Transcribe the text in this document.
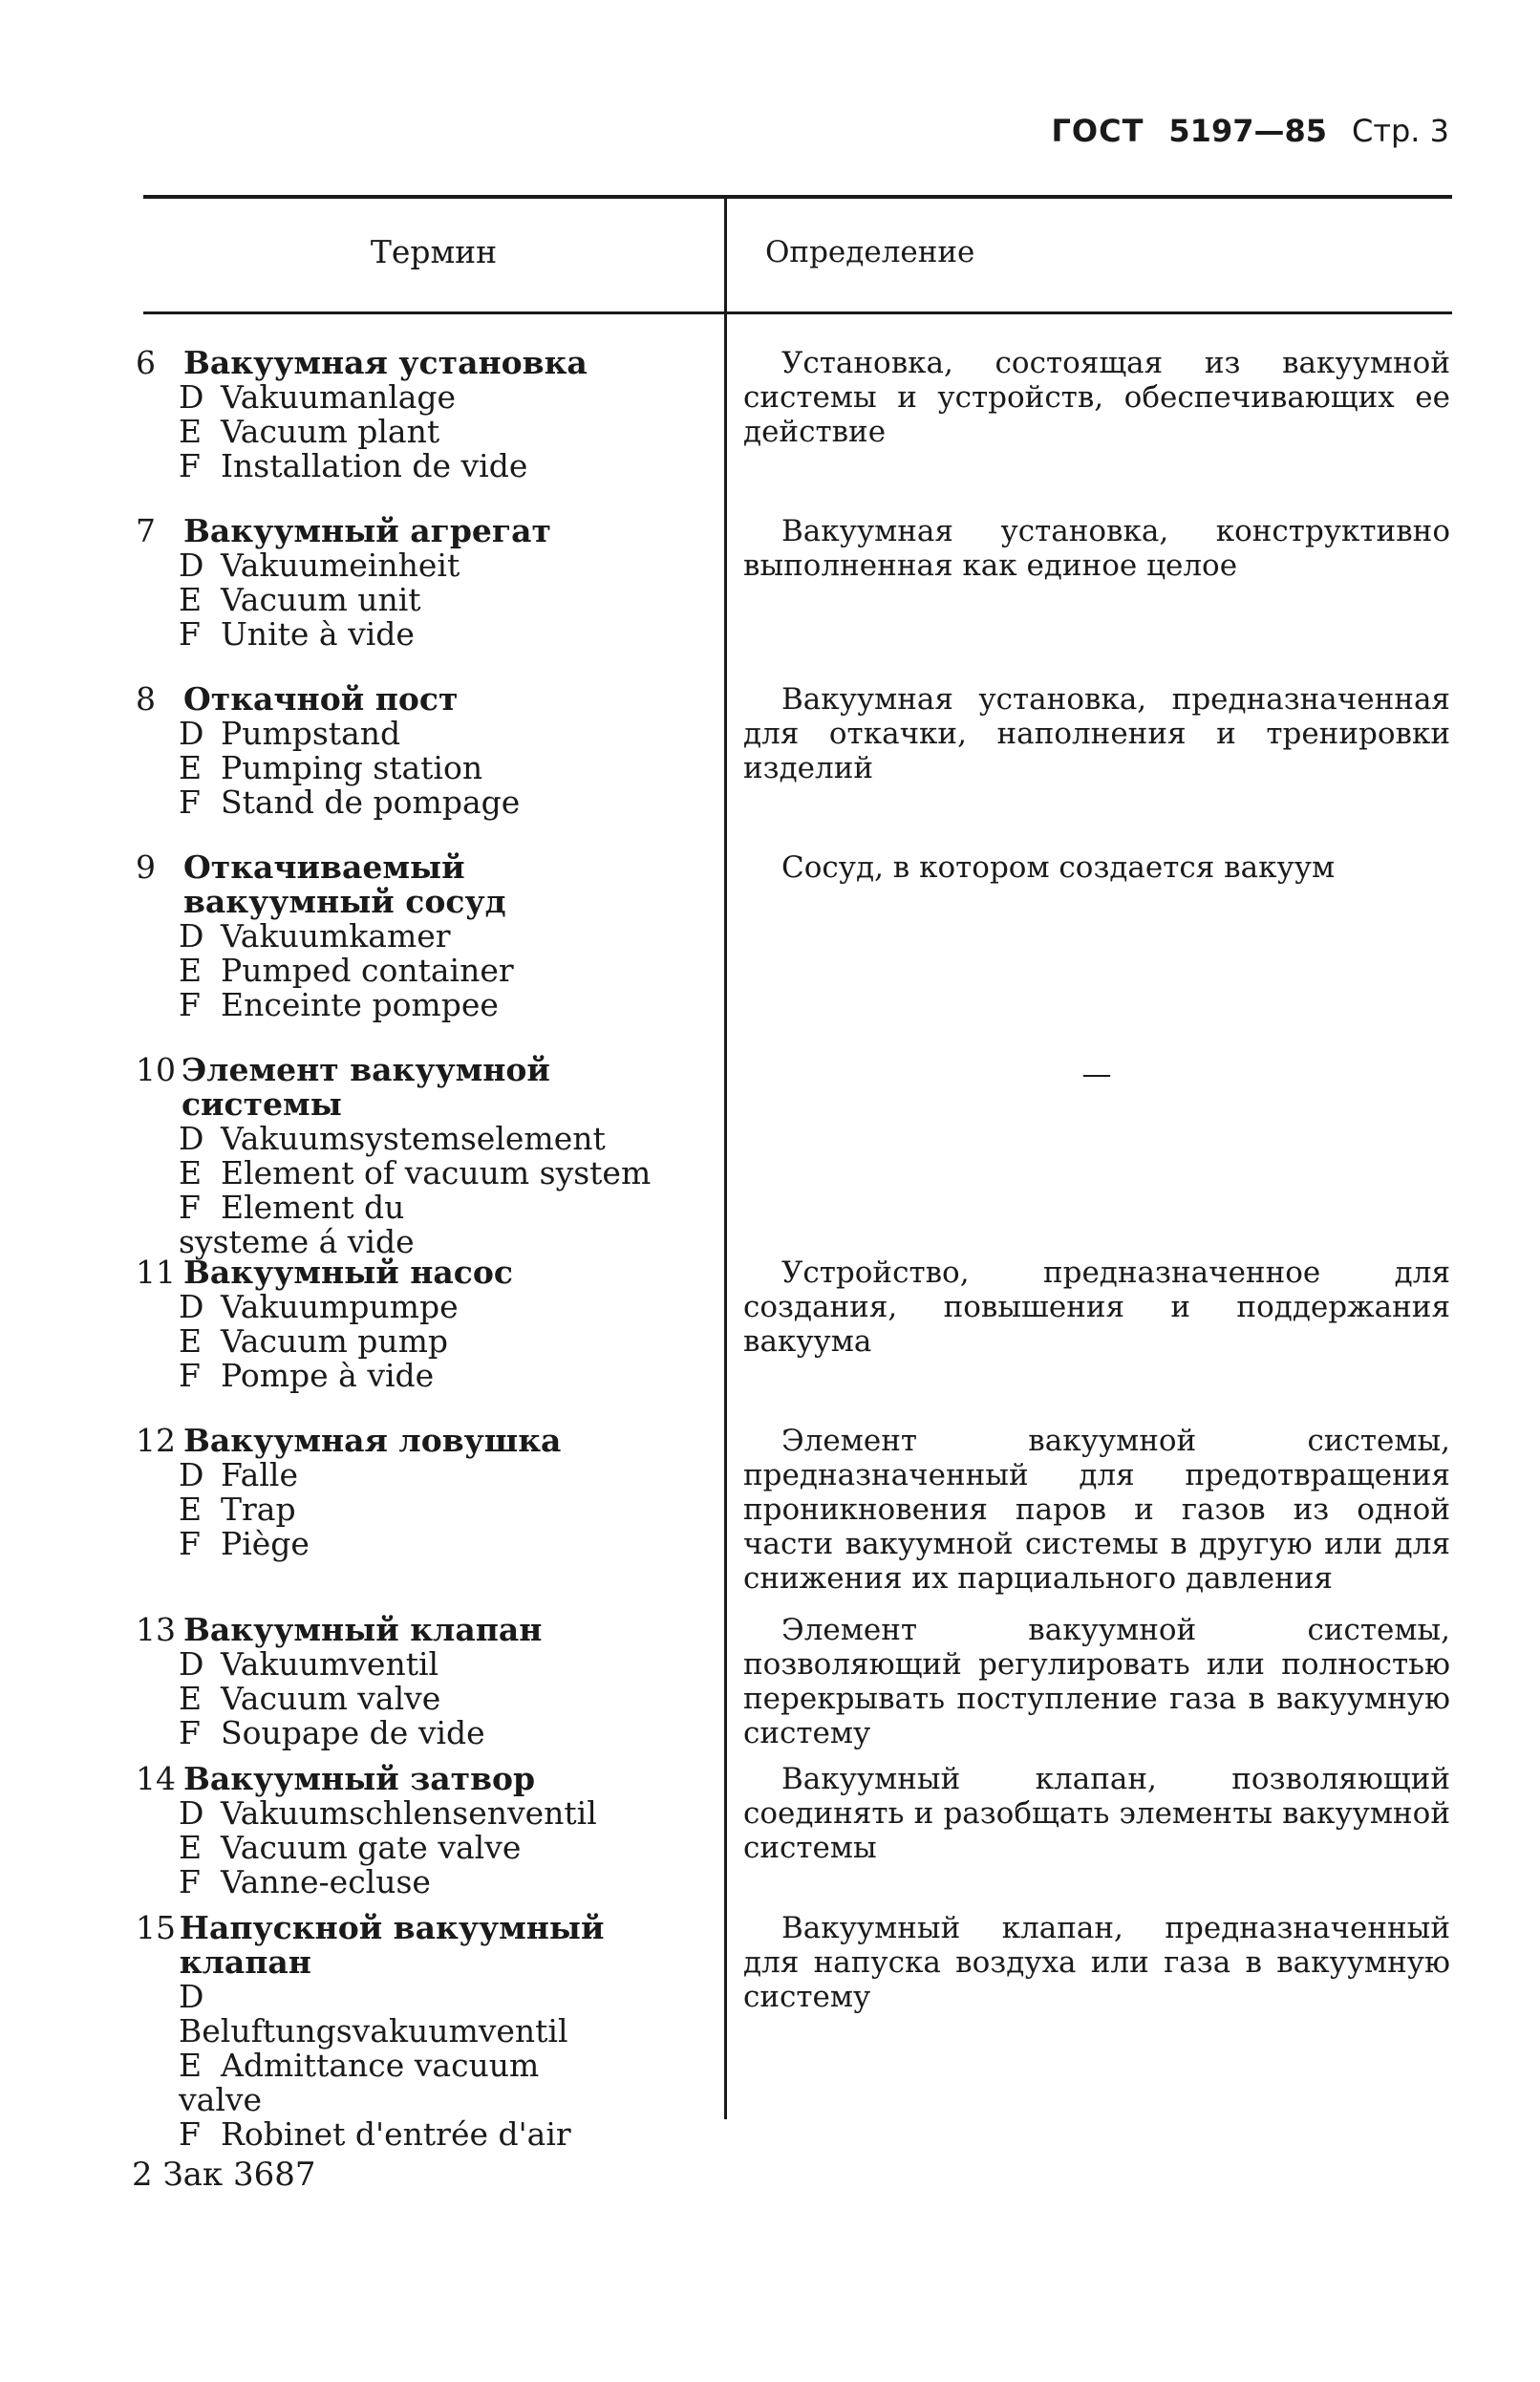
ГОСТ 5197—85 Стр. 3
Термин	Определение
6 Вакуумная установка
D Vakuumanlage
E Vacuum plant
F Installation de vide
Установка, состоящая из вакуумной системы и устройств, обеспечивающих ее действие
7 Вакуумный агрегат
D Vakuumeinheit
E Vacuum unit
F Unite à vide
Вакуумная установка, конструктивно выполненная как единое целое
8 Откачной пост
D Pumpstand
E Pumping station
F Stand de pompage
Вакуумная установка, предназначенная для откачки, наполнения и тренировки изделий
9 Откачиваемый вакуумный сосуд
D Vakuumkamer
E Pumped container
F Enceinte pompee
Сосуд, в котором создается вакуум
10 Элемент вакуумной системы
D Vakuumsystemselement
E Element of vacuum system
F Element du systeme á vide
—
11 Вакуумный насос
D Vakuumpumpe
E Vacuum pump
F Pompe à vide
Устройство, предназначенное для создания, повышения и поддержания вакуума
12 Вакуумная ловушка
D Falle
E Trap
F Piège
Элемент вакуумной системы, предназначенный для предотвращения проникновения паров и газов из одной части вакуумной системы в другую или для снижения их парциального давления
13 Вакуумный клапан
D Vakuumventil
E Vacuum valve
F Soupape de vide
Элемент вакуумной системы, позволяющий регулировать или полностью перекрывать поступление газа в вакуумную систему
14 Вакуумный затвор
D Vakuumschlensenventil
E Vacuum gate valve
F Vanne-ecluse
Вакуумный клапан, позволяющий соединять и разобщать элементы вакуумной системы
15 Напускной вакуумный клапан
DBeluftungsvakuumventil
E Admittance vacuum valve
F Robinet d'entrée d'air
Вакуумный клапан, предназначенный для напуска воздуха или газа в вакуумную систему
2 Зак 3687
